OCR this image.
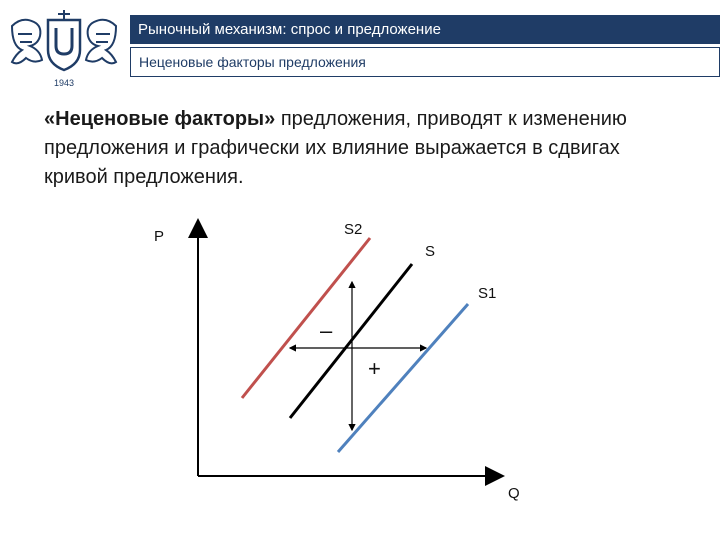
1943
Рыночный механизм: спрос и предложение
Неценовые факторы предложения
«Неценовые факторы» предложения, приводят к изменению предложения и графически их влияние выражается в сдвигах кривой предложения.
P
Q
S2
S
S1
–
+
